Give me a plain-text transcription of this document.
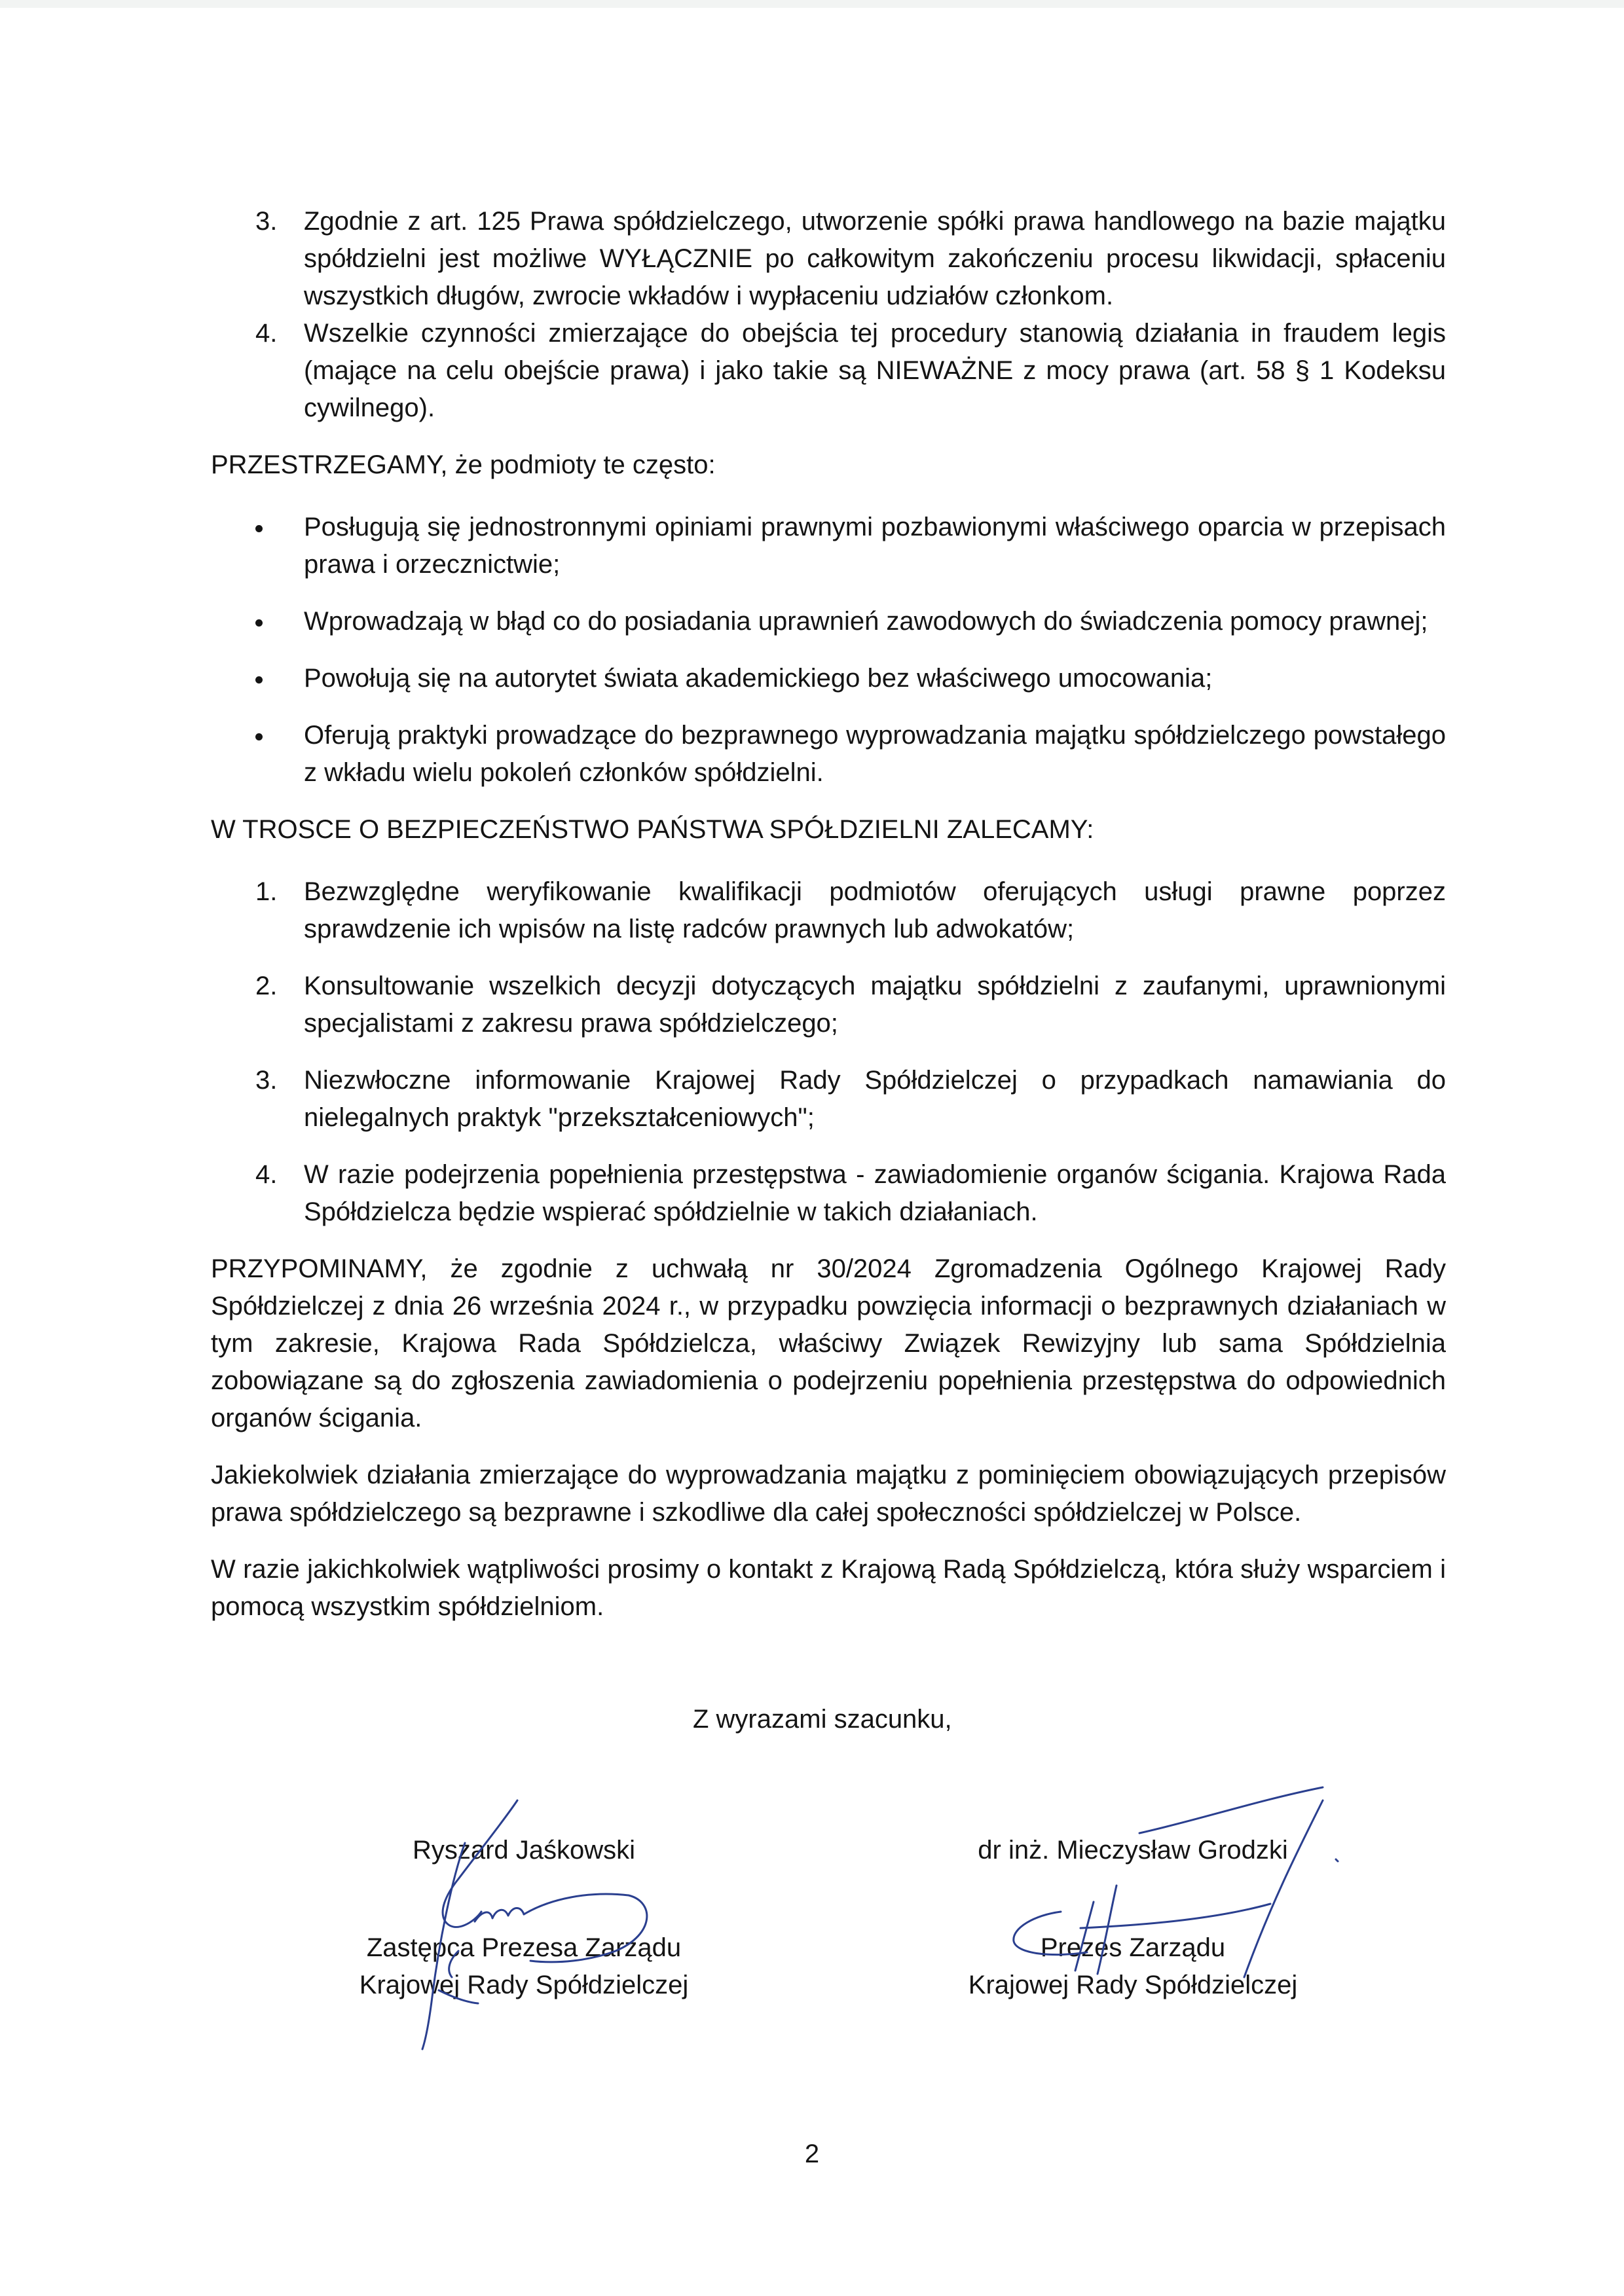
3. Zgodnie z art. 125 Prawa spółdzielczego, utworzenie spółki prawa handlowego na bazie majątku spółdzielni jest możliwe WYŁĄCZNIE po całkowitym zakończeniu procesu likwidacji, spłaceniu wszystkich długów, zwrocie wkładów i wypłaceniu udziałów członkom.
4. Wszelkie czynności zmierzające do obejścia tej procedury stanowią działania in fraudem legis (mające na celu obejście prawa) i jako takie są NIEWAŻNE z mocy prawa (art. 58 § 1 Kodeksu cywilnego).
PRZESTRZEGAMY, że podmioty te często:
Posługują się jednostronnymi opiniami prawnymi pozbawionymi właściwego oparcia w przepisach prawa i orzecznictwie;
Wprowadzają w błąd co do posiadania uprawnień zawodowych do świadczenia pomocy prawnej;
Powołują się na autorytet świata akademickiego bez właściwego umocowania;
Oferują praktyki prowadzące do bezprawnego wyprowadzania majątku spółdzielczego powstałego z wkładu wielu pokoleń członków spółdzielni.
W TROSCE O BEZPIECZEŃSTWO PAŃSTWA SPÓŁDZIELNI ZALECAMY:
1. Bezwzględne weryfikowanie kwalifikacji podmiotów oferujących usługi prawne poprzez sprawdzenie ich wpisów na listę radców prawnych lub adwokatów;
2. Konsultowanie wszelkich decyzji dotyczących majątku spółdzielni z zaufanymi, uprawnionymi specjalistami z zakresu prawa spółdzielczego;
3. Niezwłoczne informowanie Krajowej Rady Spółdzielczej o przypadkach namawiania do nielegalnych praktyk "przekształceniowych";
4. W razie podejrzenia popełnienia przestępstwa - zawiadomienie organów ścigania. Krajowa Rada Spółdzielcza będzie wspierać spółdzielnie w takich działaniach.

PRZYPOMINAMY, że zgodnie z uchwałą nr 30/2024 Zgromadzenia Ogólnego Krajowej Rady Spółdzielczej z dnia 26 września 2024 r., w przypadku powzięcia informacji o bezprawnych działaniach w tym zakresie, Krajowa Rada Spółdzielcza, właściwy Związek Rewizyjny lub sama Spółdzielnia zobowiązane są do zgłoszenia zawiadomienia o podejrzeniu popełnienia przestępstwa do odpowiednich organów ścigania.

Jakiekolwiek działania zmierzające do wyprowadzania majątku z pominięciem obowiązujących przepisów prawa spółdzielczego są bezprawne i szkodliwe dla całej społeczności spółdzielczej w Polsce.

W razie jakichkolwiek wątpliwości prosimy o kontakt z Krajową Radą Spółdzielczą, która służy wsparciem i pomocą wszystkim spółdzielniom.

Z wyrazami szacunku,
Ryszard Jaśkowski
Zastępca Prezesa Zarządu
Krajowej Rady Spółdzielczej
dr inż. Mieczysław Grodzki
Prezes Zarządu
Krajowej Rady Spółdzielczej
2
